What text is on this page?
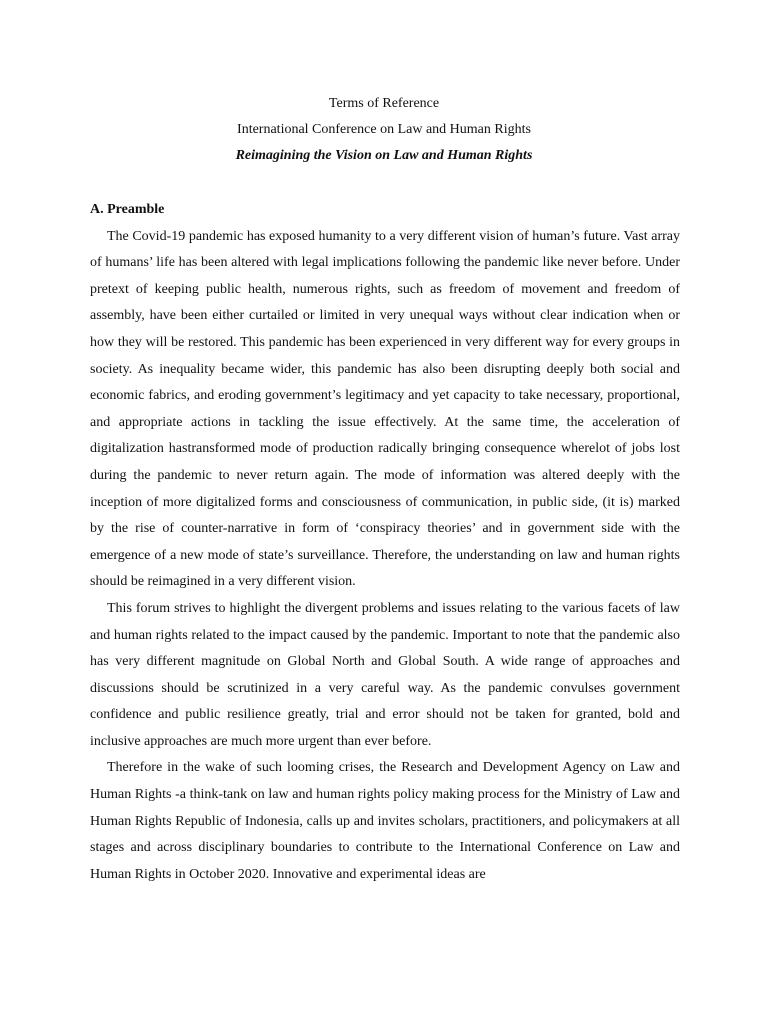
Terms of Reference
International Conference on Law and Human Rights
Reimagining the Vision on Law and Human Rights

A. Preamble

The Covid-19 pandemic has exposed humanity to a very different vision of human’s future. Vast array of humans’ life has been altered with legal implications following the pandemic like never before. Under pretext of keeping public health, numerous rights, such as freedom of movement and freedom of assembly, have been either curtailed or limited in very unequal ways without clear indication when or how they will be restored. This pandemic has been experienced in very different way for every groups in society. As inequality became wider, this pandemic has also been disrupting deeply both social and economic fabrics, and eroding government’s legitimacy and yet capacity to take necessary, proportional, and appropriate actions in tackling the issue effectively. At the same time, the acceleration of digitalization hastransformed mode of production radically bringing consequence wherelot of jobs lost during the pandemic to never return again. The mode of information was altered deeply with the inception of more digitalized forms and consciousness of communication, in public side, (it is) marked by the rise of counter-narrative in form of ‘conspiracy theories’ and in government side with the emergence of a new mode of state’s surveillance. Therefore, the understanding on law and human rights should be reimagined in a very different vision.

This forum strives to highlight the divergent problems and issues relating to the various facets of law and human rights related to the impact caused by the pandemic. Important to note that the pandemic also has very different magnitude on Global North and Global South. A wide range of approaches and discussions should be scrutinized in a very careful way. As the pandemic convulses government confidence and public resilience greatly, trial and error should not be taken for granted, bold and inclusive approaches are much more urgent than ever before.

Therefore in the wake of such looming crises, the Research and Development Agency on Law and Human Rights -a think-tank on law and human rights policy making process for the Ministry of Law and Human Rights Republic of Indonesia, calls up and invites scholars, practitioners, and policymakers at all stages and across disciplinary boundaries to contribute to the International Conference on Law and Human Rights in October 2020. Innovative and experimental ideas are
